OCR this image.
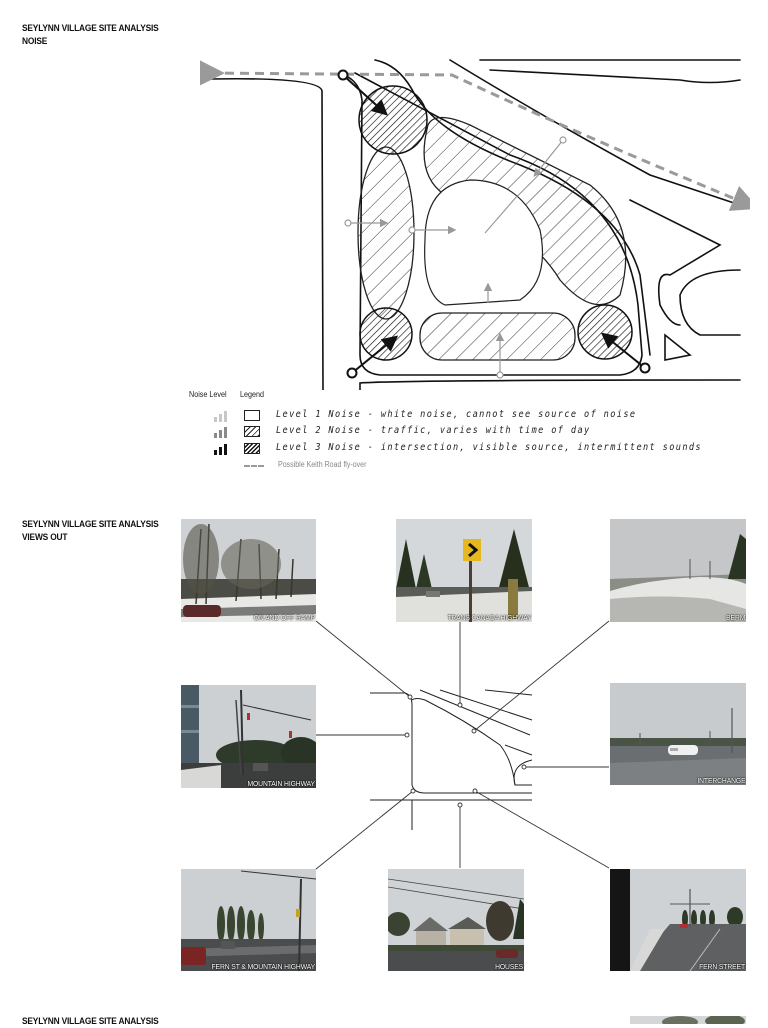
SEYLYNN VILLAGE SITE ANALYSIS
NOISE
Noise Level Legend
Level 1 Noise - white noise, cannot see source of noise
Level 2 Noise - traffic, varies with time of day
Level 3 Noise - intersection, visible source, intermittent sounds
Possible Keith Road fly-over
SEYLYNN VILLAGE SITE ANALYSIS
VIEWS OUT
ON AND OFF RAMP	TRANS CANADA HIGHWAY	BERM
MOUNTAIN HIGHWAY	INTERCHANGE
FERN ST & MOUNTAIN HIGHWAY	HOUSES	FERN STREET
SEYLYNN VILLAGE SITE ANALYSIS
